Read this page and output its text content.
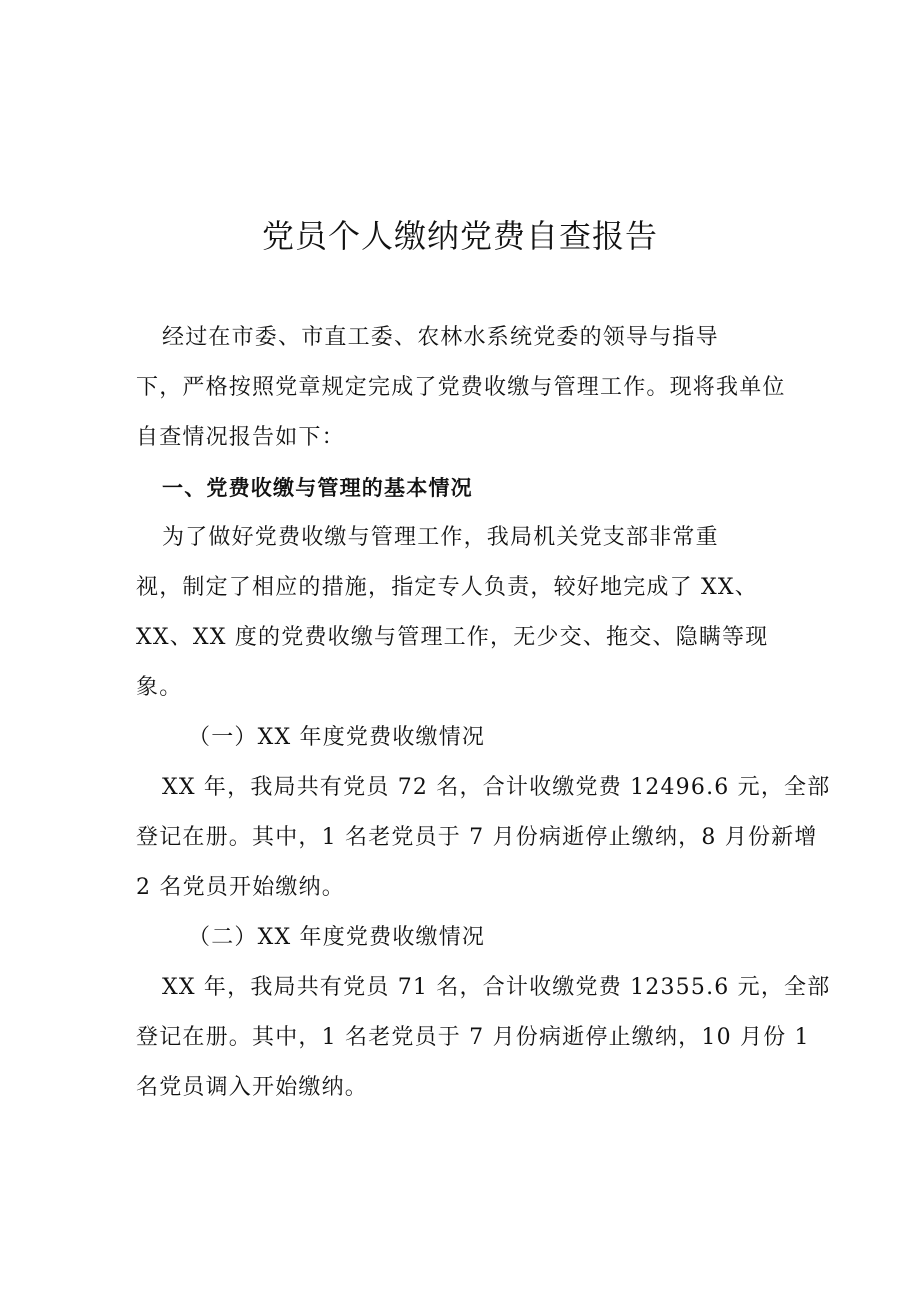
党员个人缴纳党费自查报告
经过在市委、市直工委、农林水系统党委的领导与指导
下，严格按照党章规定完成了党费收缴与管理工作。现将我单位
自查情况报告如下：
一、党费收缴与管理的基本情况
为了做好党费收缴与管理工作，我局机关党支部非常重
视，制定了相应的措施，指定专人负责，较好地完成了 XX、
XX、XX 度的党费收缴与管理工作，无少交、拖交、隐瞒等现
象。
（一）XX 年度党费收缴情况
XX 年，我局共有党员 72 名，合计收缴党费 12496.6 元，全部
登记在册。其中，1 名老党员于 7 月份病逝停止缴纳，8 月份新增
2 名党员开始缴纳。
（二）XX 年度党费收缴情况
XX 年，我局共有党员 71 名，合计收缴党费 12355.6 元，全部
登记在册。其中，1 名老党员于 7 月份病逝停止缴纳，10 月份 1
名党员调入开始缴纳。
